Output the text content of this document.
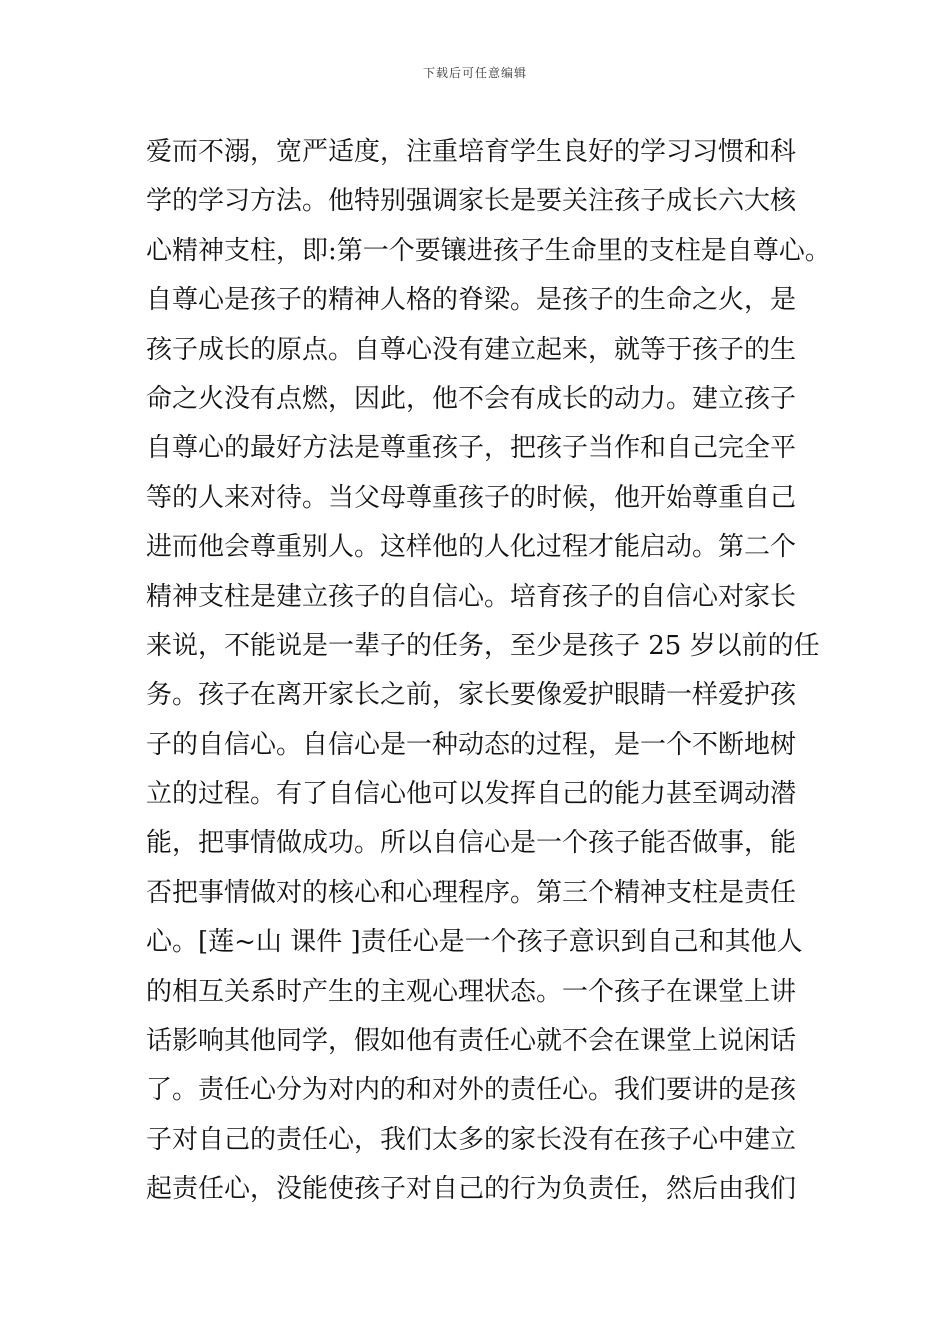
下载后可任意编辑
爱而不溺，宽严适度，注重培育学生良好的学习习惯和科
学的学习方法。他特别强调家长是要关注孩子成长六大核
心精神支柱，即:第一个要镶进孩子生命里的支柱是自尊心。
自尊心是孩子的精神人格的脊梁。是孩子的生命之火，是
孩子成长的原点。自尊心没有建立起来，就等于孩子的生
命之火没有点燃，因此，他不会有成长的动力。建立孩子
自尊心的最好方法是尊重孩子，把孩子当作和自己完全平
等的人来对待。当父母尊重孩子的时候，他开始尊重自己
进而他会尊重别人。这样他的人化过程才能启动。第二个
精神支柱是建立孩子的自信心。培育孩子的自信心对家长
来说，不能说是一辈子的任务，至少是孩子 25 岁以前的任
务。孩子在离开家长之前，家长要像爱护眼睛一样爱护孩
子的自信心。自信心是一种动态的过程，是一个不断地树
立的过程。有了自信心他可以发挥自己的能力甚至调动潜
能，把事情做成功。所以自信心是一个孩子能否做事，能
否把事情做对的核心和心理程序。第三个精神支柱是责任
心。[莲~山 课件 ]责任心是一个孩子意识到自己和其他人
的相互关系时产生的主观心理状态。一个孩子在课堂上讲
话影响其他同学，假如他有责任心就不会在课堂上说闲话
了。责任心分为对内的和对外的责任心。我们要讲的是孩
子对自己的责任心，我们太多的家长没有在孩子心中建立
起责任心，没能使孩子对自己的行为负责任，然后由我们
